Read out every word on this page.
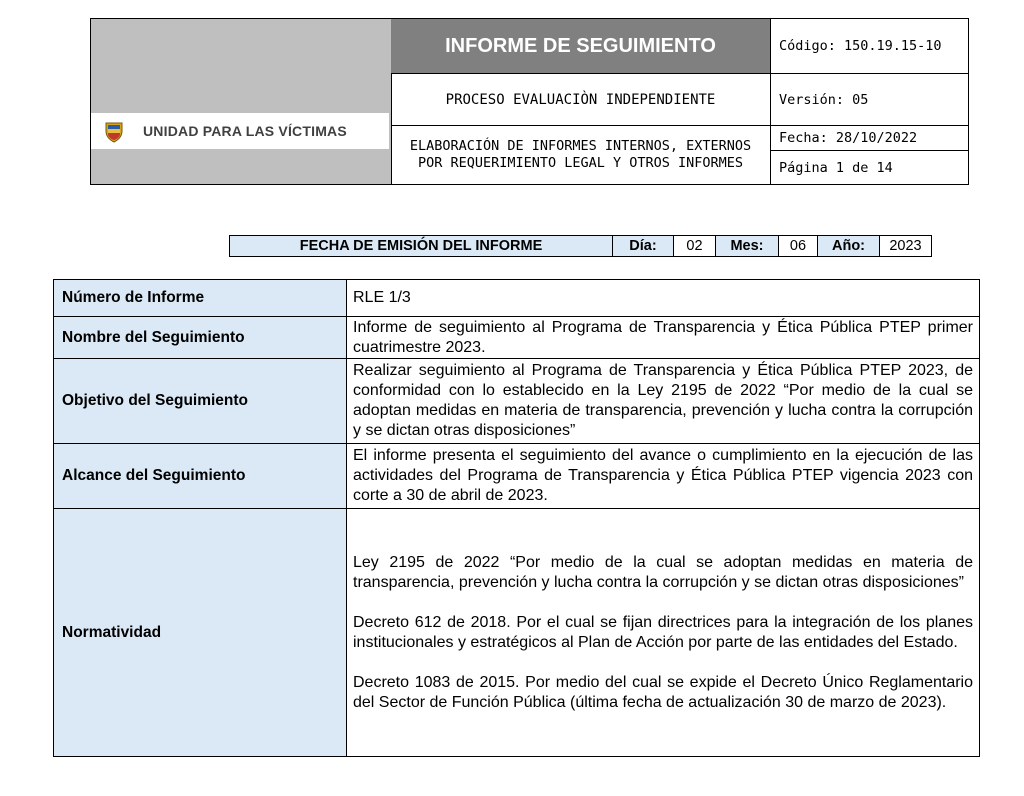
UNIDAD PARA LAS VÍCTIMAS
INFORME DE SEGUIMIENTO
PROCESO EVALUACIÒN INDEPENDIENTE
ELABORACIÓN DE INFORMES INTERNOS, EXTERNOS POR REQUERIMIENTO LEGAL Y OTROS INFORMES
Código: 150.19.15-10
Versión: 05
Fecha: 28/10/2022
Página 1 de 14
FECHA DE EMISIÓN DEL INFORME	Día:	02	Mes:	06	Año:	2023
Número de Informe	RLE 1/3
Nombre del Seguimiento	Informe de seguimiento al Programa de Transparencia y Ética Pública PTEP primer cuatrimestre 2023.
Objetivo del Seguimiento	Realizar seguimiento al Programa de Transparencia y Ética Pública PTEP 2023, de conformidad con lo establecido en la Ley 2195 de 2022 “Por medio de la cual se adoptan medidas en materia de transparencia, prevención y lucha contra la corrupción y se dictan otras disposiciones”
Alcance del Seguimiento	El informe presenta el seguimiento del avance o cumplimiento en la ejecución de las actividades del Programa de Transparencia y Ética Pública PTEP vigencia 2023 con corte a 30 de abril de 2023.
Normatividad	Ley 2195 de 2022 “Por medio de la cual se adoptan medidas en materia de transparencia, prevención y lucha contra la corrupción y se dictan otras disposiciones”

Decreto 612 de 2018. Por el cual se fijan directrices para la integración de los planes institucionales y estratégicos al Plan de Acción por parte de las entidades del Estado.

Decreto 1083 de 2015. Por medio del cual se expide el Decreto Único Reglamentario del Sector de Función Pública (última fecha de actualización 30 de marzo de 2023).
